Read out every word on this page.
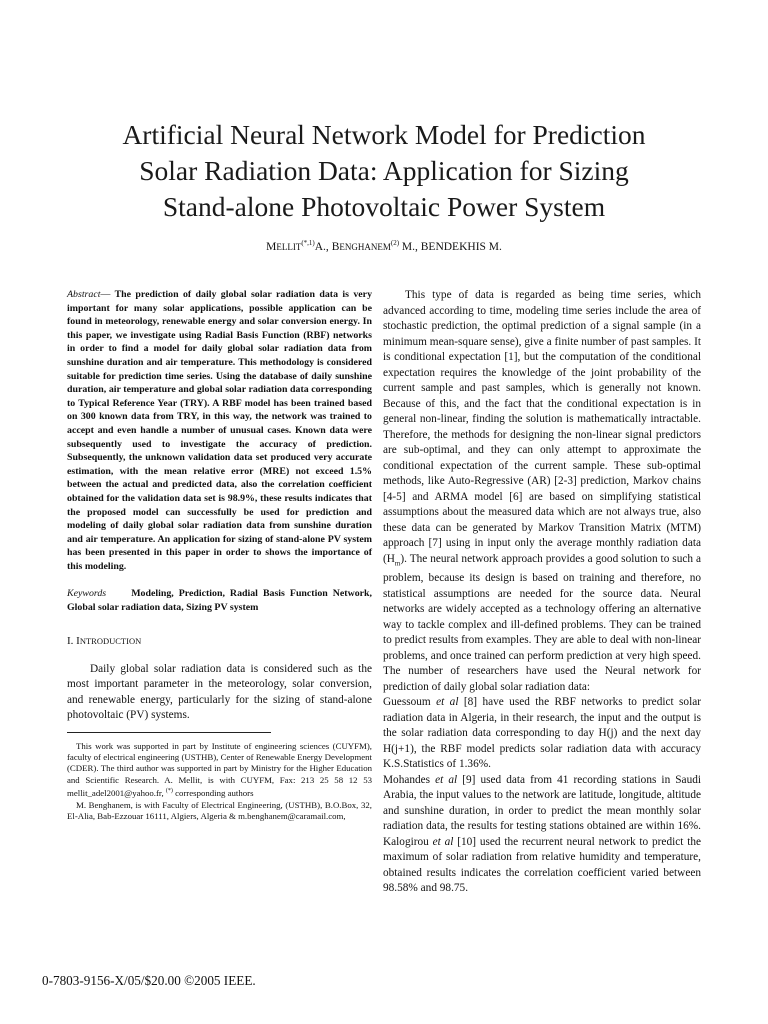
Artificial Neural Network Model for Prediction
Solar Radiation Data: Application for Sizing
Stand-alone Photovoltaic Power System
$MELLIT^{(*,1)}A$., BENGHANEM$^{(2)}$ M., BENDEKHIS M.

Abstract— The prediction of daily global solar radiation data is very important for many solar applications, possible application can be found in meteorology, renewable energy and solar conversion energy. In this paper, we investigate using Radial Basis Function (RBF) networks in order to find a model for daily global solar radiation data from sunshine duration and air temperature. This methodology is considered suitable for prediction time series. Using the database of daily sunshine duration, air temperature and global solar radiation data corresponding to Typical Reference Year (TRY). A RBF model has been trained based on 300 known data from TRY, in this way, the network was trained to accept and even handle a number of unusual cases. Known data were subsequently used to investigate the accuracy of prediction. Subsequently, the unknown validation data set produced very accurate estimation, with the mean relative error (MRE) not exceed 1.5% between the actual and predicted data, also the correlation coefficient obtained for the validation data set is 98.9%, these results indicates that the proposed model can successfully be used for prediction and modeling of daily global solar radiation data from sunshine duration and air temperature. An application for sizing of stand-alone PV system has been presented in this paper in order to shows the importance of this modeling.

Keywords	Modeling, Prediction, Radial Basis Function Network, Global solar radiation data, Sizing PV system

I. INTRODUCTION

Daily global solar radiation data is considered such as the most important parameter in the meteorology, solar conversion, and renewable energy, particularly for the sizing of stand-alone photovoltaic (PV) systems.

This work was supported in part by Institute of engineering sciences (CUYFM), faculty of electrical engineering (USTHB), Center of Renewable Energy Development (CDER). The third author was supported in part by Ministry for the Higher Education and Scientific Research. A. Mellit, is with CUYFM, Fax: 213 25 58 12 53 mellit_adel2001@yahoo.fr, (*) corresponding authors

M. Benghanem, is with Faculty of Electrical Engineering, (USTHB), B.O.Box, 32, El-Alia, Bab-Ezzouar 16111, Algiers, Algeria & m.benghanem@caramail.com,

This type of data is regarded as being time series, which advanced according to time, modeling time series include the area of stochastic prediction, the optimal prediction of a signal sample (in a minimum mean-square sense), give a finite number of past samples. It is conditional expectation [1], but the computation of the conditional expectation requires the knowledge of the joint probability of the current sample and past samples, which is generally not known. Because of this, and the fact that the conditional expectation is in general non-linear, finding the solution is mathematically intractable. Therefore, the methods for designing the non-linear signal predictors are sub-optimal, and they can only attempt to approximate the conditional expectation of the current sample. These sub-optimal methods, like Auto-Regressive (AR) [2-3] prediction, Markov chains [4-5] and ARMA model [6] are based on simplifying statistical assumptions about the measured data which are not always true, also these data can be generated by Markov Transition Matrix (MTM) approach [7] using in input only the average monthly radiation data $(H_m)$. The neural network approach provides a good solution to such a problem, because its design is based on training and therefore, no statistical assumptions are needed for the source data. Neural networks are widely accepted as a technology offering an alternative way to tackle complex and ill-defined problems. They can be trained to predict results from examples. They are able to deal with non-linear problems, and once trained can perform prediction at very high speed. The number of researchers have used the Neural network for prediction of daily global solar radiation data:

Guessoum et al [8] have used the RBF networks to predict solar radiation data in Algeria, in their research, the input and the output is the solar radiation data corresponding to day H(j) and the next day H(j+1), the RBF model predicts solar radiation data with accuracy K.S.Statistics of 1.36%.

Mohandes et al [9] used data from 41 recording stations in Saudi Arabia, the input values to the network are latitude, longitude, altitude and sunshine duration, in order to predict the mean monthly solar radiation data, the results for testing stations obtained are within 16%. Kalogirou et al [10] used the recurrent neural network to predict the maximum of solar radiation from relative humidity and temperature, obtained results indicates the correlation coefficient varied between 98.58% and 98.75.

0-7803-9156-X/05/$20.00 ©2005 IEEE.
